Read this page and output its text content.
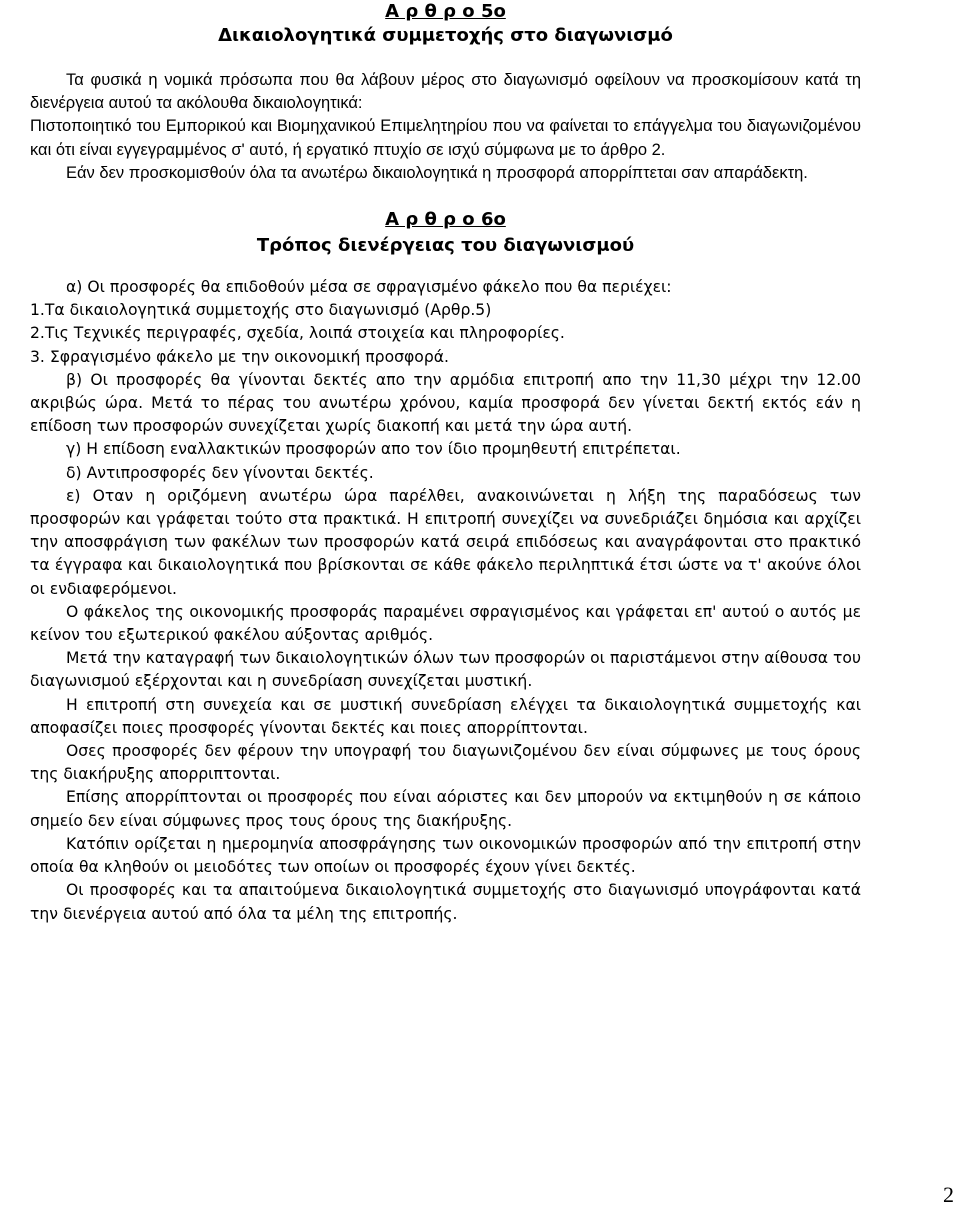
Α ρ θ ρ ο 5ο
Δικαιολογητικά συμμετοχής στο διαγωνισμό

Τα φυσικά η νομικά πρόσωπα που θα λάβουν μέρος στο διαγωνισμό οφείλουν να προσκομίσουν κατά τη διενέργεια αυτού τα ακόλουθα δικαιολογητικά:

Πιστοποιητικό του Εμπορικού και Βιομηχανικού Επιμελητηρίου που να φαίνεται το επάγγελμα του διαγωνιζομένου και ότι είναι εγγεγραμμένος σ' αυτό, ή εργατικό πτυχίο σε ισχύ σύμφωνα με το άρθρο 2.

Εάν δεν προσκομισθούν όλα τα ανωτέρω δικαιολογητικά η προσφορά απορρίπτεται σαν απαράδεκτη.

Α ρ θ ρ ο 6ο
Τρόπος διενέργειας του διαγωνισμού

α) Οι προσφορές θα επιδοθούν μέσα σε σφραγισμένο φάκελο που θα περιέχει:

1.Τα δικαιολογητικά συμμετοχής στο διαγωνισμό (Αρθρ.5)

2.Τις Τεχνικές περιγραφές, σχεδία, λοιπά στοιχεία και πληροφορίες.

3. Σφραγισμένο φάκελο με την οικονομική προσφορά.

β) Οι προσφορές θα γίνονται δεκτές απο την αρμόδια επιτροπή απο την 11,30 μέχρι την 12.00 ακριβώς ώρα. Μετά το πέρας του ανωτέρω χρόνου, καμία προσφορά δεν γίνεται δεκτή εκτός εάν η επίδοση των προσφορών συνεχίζεται χωρίς διακοπή και μετά την ώρα αυτή.

γ) Η επίδοση εναλλακτικών προσφορών απο τον ίδιο προμηθευτή επιτρέπεται.

δ) Αντιπροσφορές δεν γίνονται δεκτές.

ε) Οταν η οριζόμενη ανωτέρω ώρα παρέλθει, ανακοινώνεται η λήξη της παραδόσεως των προσφορών και γράφεται τούτο στα πρακτικά. Η επιτροπή συνεχίζει να συνεδριάζει δημόσια και αρχίζει την αποσφράγιση των φακέλων των προσφορών κατά σειρά επιδόσεως και αναγράφονται στο πρακτικό τα έγγραφα και δικαιολογητικά που βρίσκονται σε κάθε φάκελο περιληπτικά έτσι ώστε να τ' ακούνε όλοι οι ενδιαφερόμενοι.

Ο φάκελος της οικονομικής προσφοράς παραμένει σφραγισμένος και γράφεται επ' αυτού ο αυτός με κείνον του εξωτερικού φακέλου αύξοντας αριθμός.

Μετά την καταγραφή των δικαιολογητικών όλων των προσφορών οι παριστάμενοι στην αίθουσα του διαγωνισμού εξέρχονται και η συνεδρίαση συνεχίζεται μυστική.

Η επιτροπή στη συνεχεία και σε μυστική συνεδρίαση ελέγχει τα δικαιολογητικά συμμετοχής και αποφασίζει ποιες προσφορές γίνονται δεκτές και ποιες απορρίπτονται.

Οσες προσφορές δεν φέρουν την υπογραφή του διαγωνιζομένου δεν είναι σύμφωνες με τους όρους της διακήρυξης απορριπτονται.

Επίσης απορρίπτονται οι προσφορές που είναι αόριστες και δεν μπορούν να εκτιμηθούν η σε κάποιο σημείο δεν είναι σύμφωνες προς τους όρους της διακήρυξης.

Κατόπιν ορίζεται η ημερομηνία αποσφράγησης των οικονομικών προσφορών από την επιτροπή στην οποία θα κληθούν οι μειοδότες των οποίων οι προσφορές έχουν γίνει δεκτές.

Οι προσφορές και τα απαιτούμενα δικαιολογητικά συμμετοχής στο διαγωνισμό υπογράφονται κατά την διενέργεια αυτού από όλα τα μέλη της επιτροπής.

2
